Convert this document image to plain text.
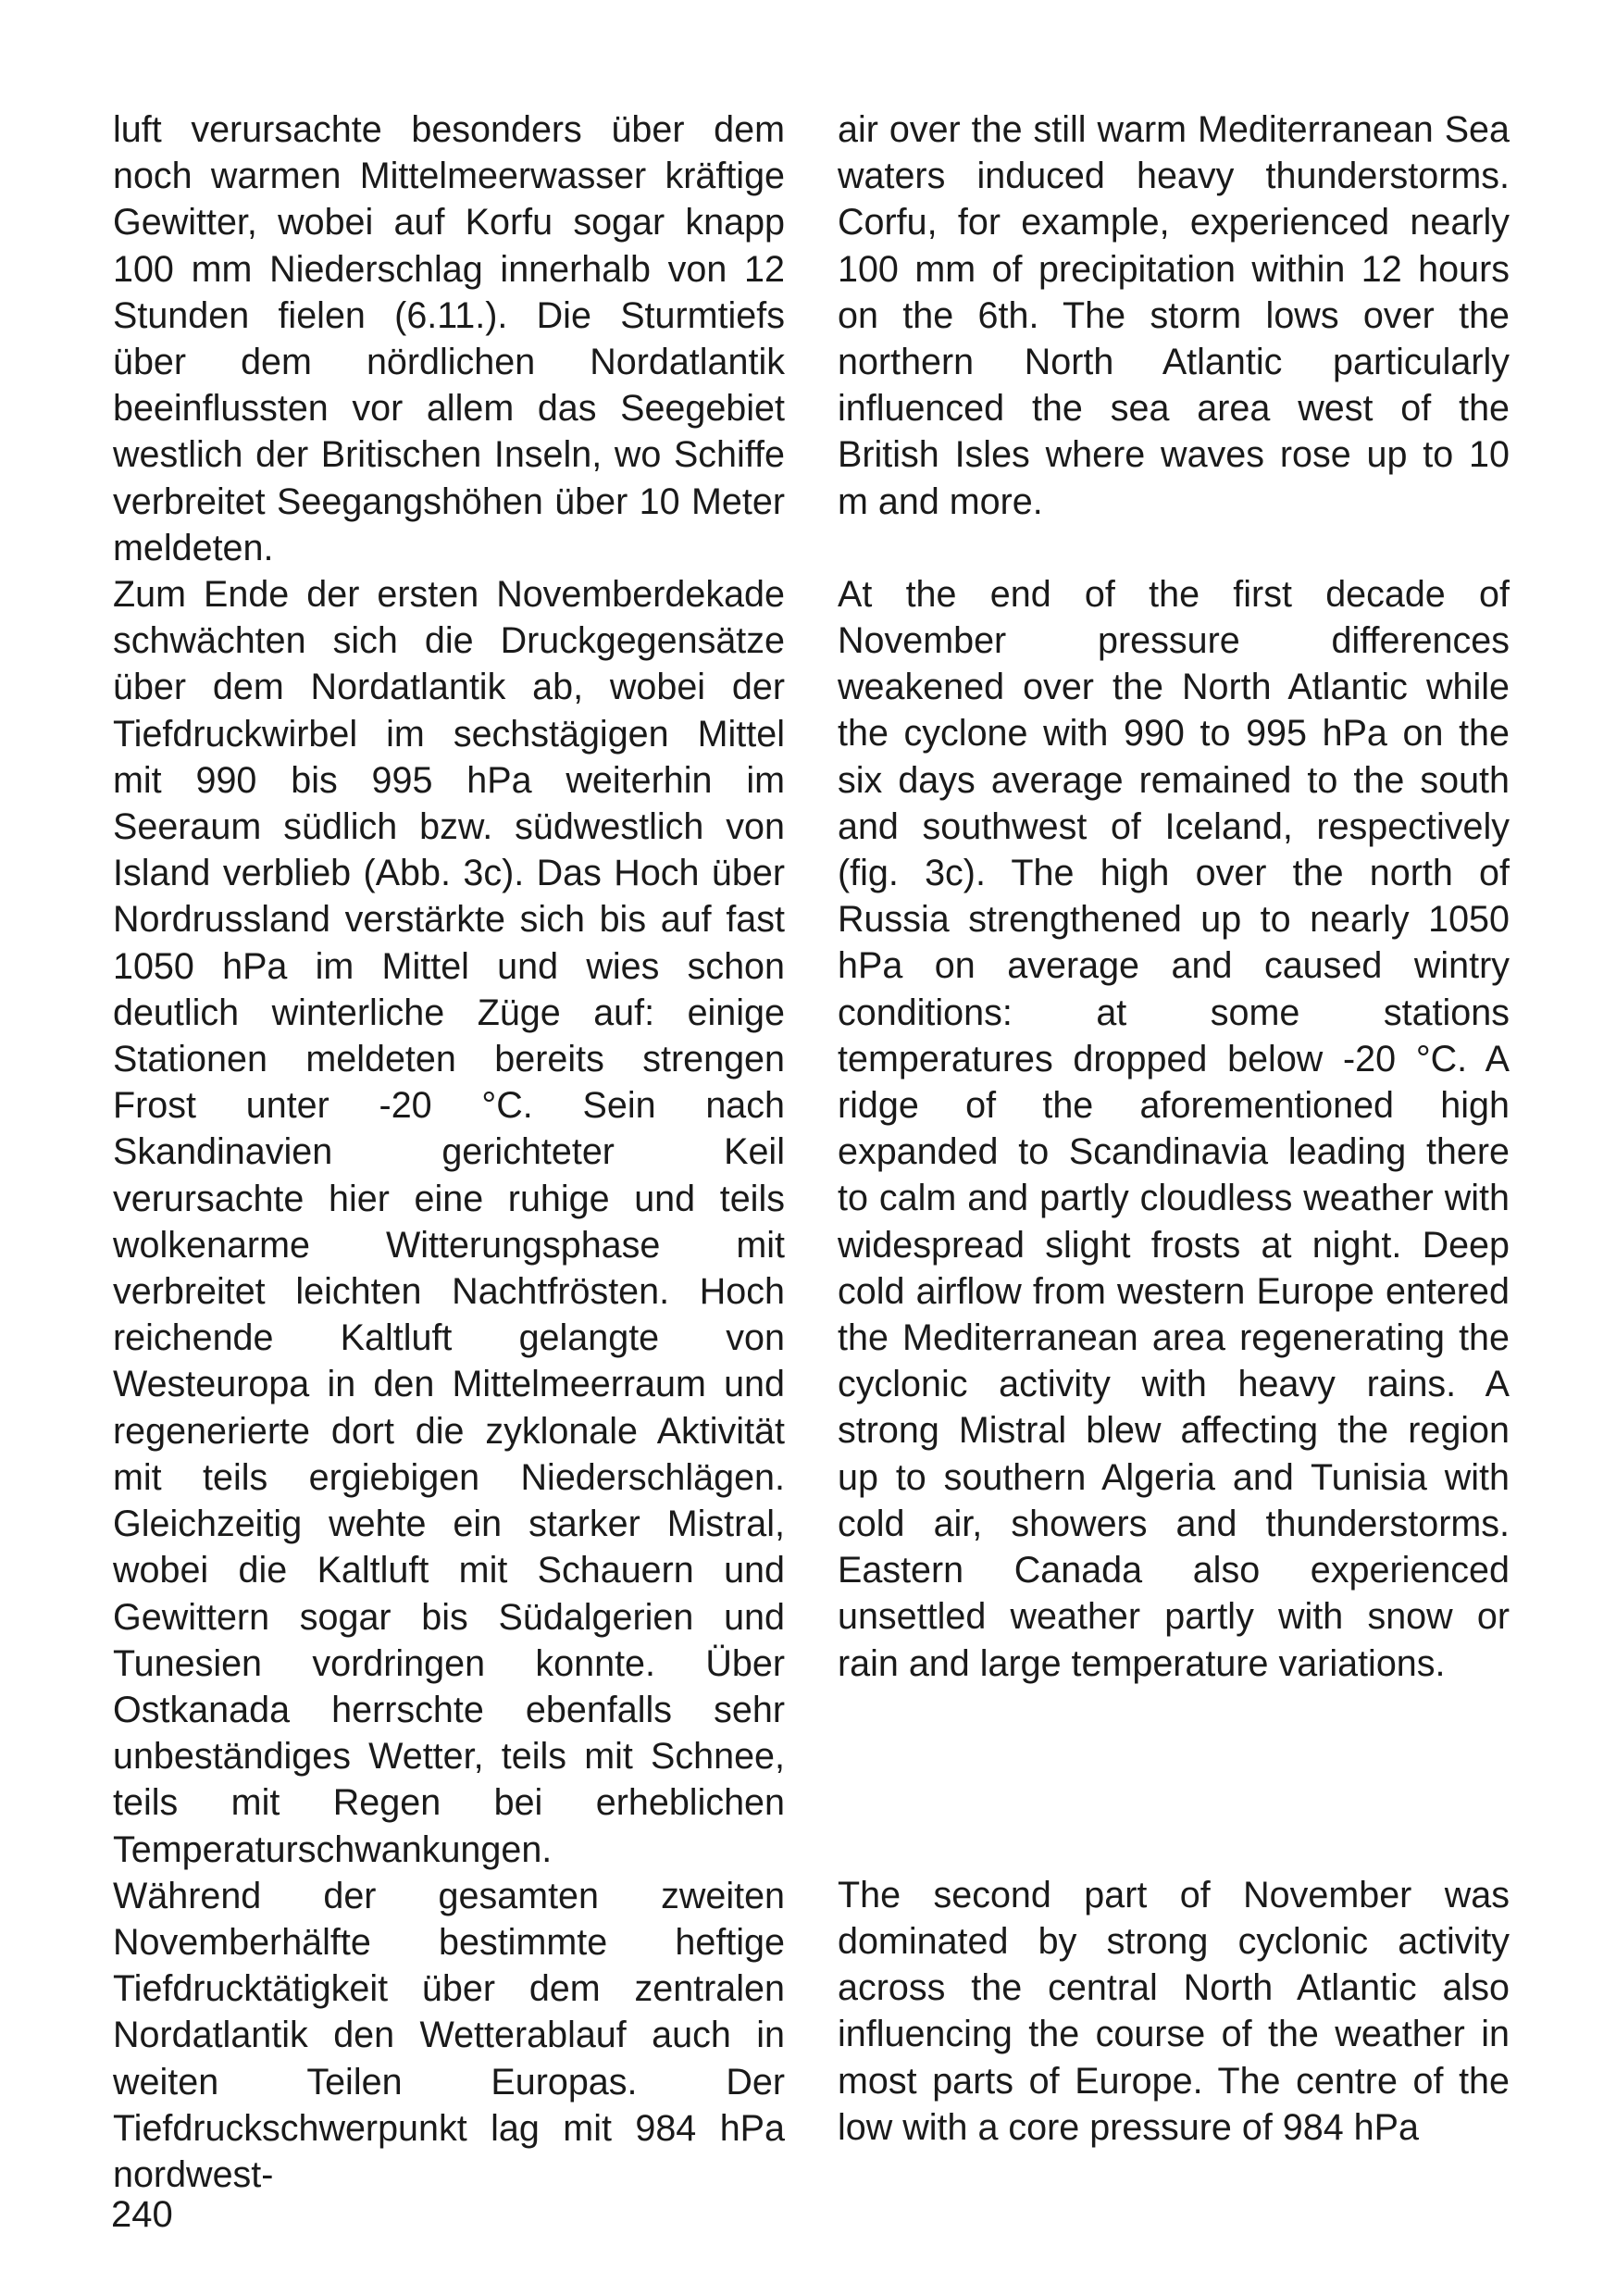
luft verursachte besonders über dem noch warmen Mittelmeerwasser kräftige Gewitter, wobei auf Korfu sogar knapp 100 mm Niederschlag innerhalb von 12 Stunden fielen (6.11.). Die Sturmtiefs über dem nördlichen Nordatlantik beeinflussten vor allem das Seegebiet westlich der Britischen Inseln, wo Schiffe verbreitet Seegangshöhen über 10 Meter meldeten.

Zum Ende der ersten Novemberdekade schwächten sich die Druckgegensätze über dem Nordatlantik ab, wobei der Tiefdruckwirbel im sechstägigen Mittel mit 990 bis 995 hPa weiterhin im Seeraum südlich bzw. südwestlich von Island verblieb (Abb. 3c). Das Hoch über Nordrussland verstärkte sich bis auf fast 1050 hPa im Mittel und wies schon deutlich winterliche Züge auf: einige Stationen meldeten bereits strengen Frost unter -20 °C. Sein nach Skandinavien gerichteter Keil verursachte hier eine ruhige und teils wolkenarme Witterungsphase mit verbreitet leichten Nachtfrösten. Hoch reichende Kaltluft gelangte von Westeuropa in den Mittelmeerraum und regenerierte dort die zyklonale Aktivität mit teils ergiebigen Niederschlägen. Gleichzeitig wehte ein starker Mistral, wobei die Kaltluft mit Schauern und Gewittern sogar bis Südalgerien und Tunesien vordringen konnte. Über Ostkanada herrschte ebenfalls sehr unbeständiges Wetter, teils mit Schnee, teils mit Regen bei erheblichen Temperaturschwankungen.

Während der gesamten zweiten Novemberhälfte bestimmte heftige Tiefdrucktätigkeit über dem zentralen Nordatlantik den Wetterablauf auch in weiten Teilen Europas. Der Tiefdruckschwerpunkt lag mit 984 hPa nordwest-

air over the still warm Mediterranean Sea waters induced heavy thunderstorms. Corfu, for example, experienced nearly 100 mm of precipitation within 12 hours on the 6th. The storm lows over the northern North Atlantic particularly influenced the sea area west of the British Isles where waves rose up to 10 m and more.

At the end of the first decade of November pressure differences weakened over the North Atlantic while the cyclone with 990 to 995 hPa on the six days average remained to the south and southwest of Iceland, respectively (fig. 3c). The high over the north of Russia strengthened up to nearly 1050 hPa on average and caused wintry conditions: at some stations temperatures dropped below -20 °C. A ridge of the aforementioned high expanded to Scandinavia leading there to calm and partly cloudless weather with widespread slight frosts at night. Deep cold airflow from western Europe entered the Mediterranean area regenerating the cyclonic activity with heavy rains. A strong Mistral blew affecting the region up to southern Algeria and Tunisia with cold air, showers and thunderstorms. Eastern Canada also experienced unsettled weather partly with snow or rain and large temperature variations.

The second part of November was dominated by strong cyclonic activity across the central North Atlantic also influencing the course of the weather in most parts of Europe. The centre of the low with a core pressure of 984 hPa

240
